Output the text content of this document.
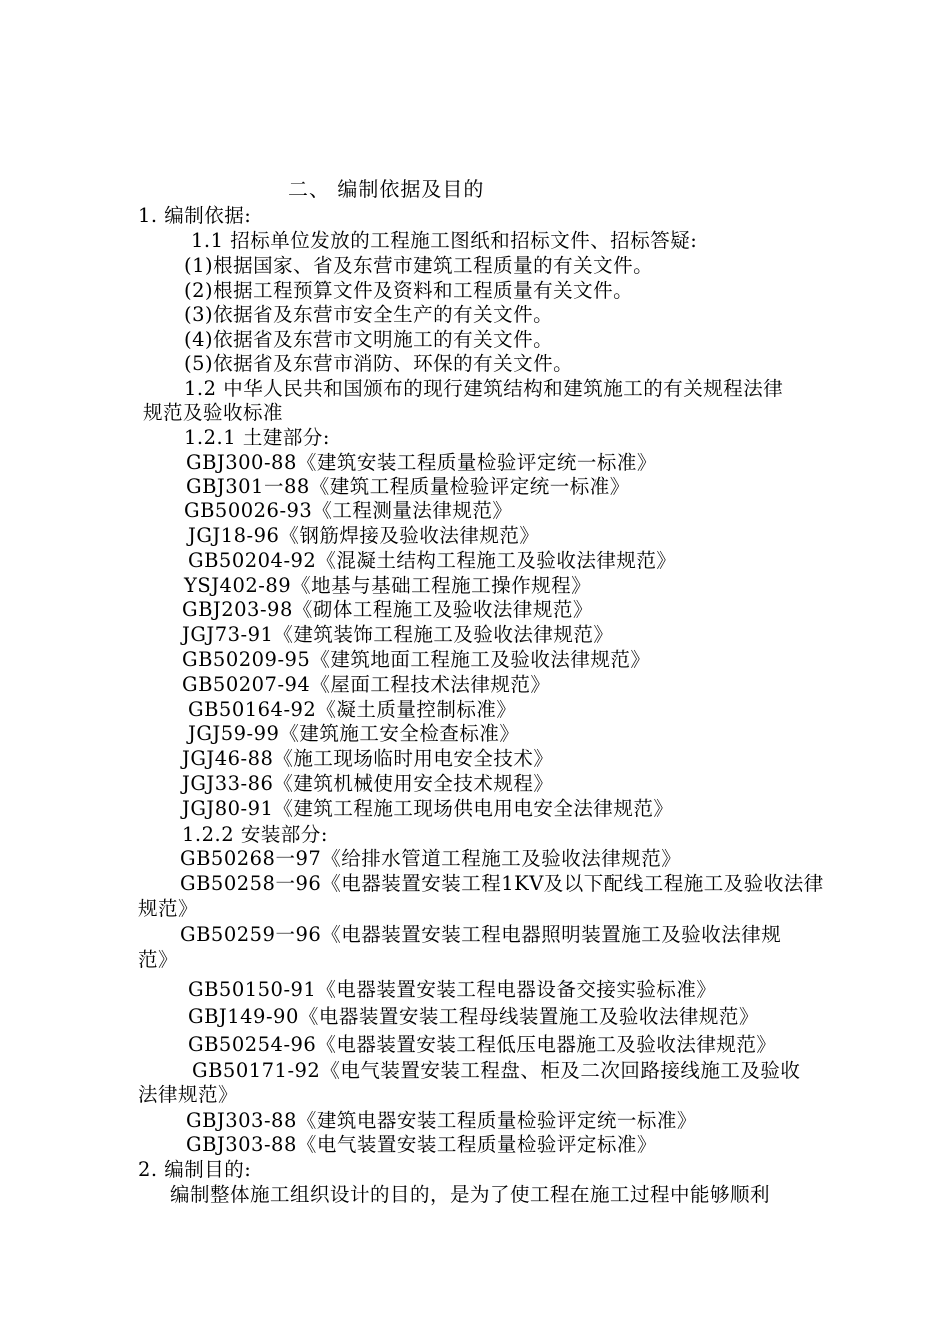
二、 编制依据及目的
1. 编制依据:
1.1 招标单位发放的工程施工图纸和招标文件、招标答疑:
(1)根据国家、省及东营市建筑工程质量的有关文件。
(2)根据工程预算文件及资料和工程质量有关文件。
(3)依据省及东营市安全生产的有关文件。
(4)依据省及东营市文明施工的有关文件。
(5)依据省及东营市消防、环保的有关文件。
1.2 中华人民共和国颁布的现行建筑结构和建筑施工的有关规程法律
规范及验收标准
1.2.1 土建部分:
GBJ300-88《建筑安装工程质量检验评定统一标准》
GBJ301一88《建筑工程质量检验评定统一标准》
GB50026-93《工程测量法律规范》
JGJ18-96《钢筋焊接及验收法律规范》
GB50204-92《混凝土结构工程施工及验收法律规范》
YSJ402-89《地基与基础工程施工操作规程》
GBJ203-98《砌体工程施工及验收法律规范》
JGJ73-91《建筑装饰工程施工及验收法律规范》
GB50209-95《建筑地面工程施工及验收法律规范》
GB50207-94《屋面工程技术法律规范》
GB50164-92《凝土质量控制标准》
JGJ59-99《建筑施工安全检查标准》
JGJ46-88《施工现场临时用电安全技术》
JGJ33-86《建筑机械使用安全技术规程》
JGJ80-91《建筑工程施工现场供电用电安全法律规范》
1.2.2 安装部分:
GB50268一97《给排水管道工程施工及验收法律规范》
GB50258一96《电器装置安装工程1KV及以下配线工程施工及验收法律
规范》
GB50259一96《电器装置安装工程电器照明装置施工及验收法律规
范》
GB50150-91《电器装置安装工程电器设备交接实验标准》
GBJ149-90《电器装置安装工程母线装置施工及验收法律规范》
GB50254-96《电器装置安装工程低压电器施工及验收法律规范》
GB50171-92《电气装置安装工程盘、柜及二次回路接线施工及验收
法律规范》
GBJ303-88《建筑电器安装工程质量检验评定统一标准》
GBJ303-88《电气装置安装工程质量检验评定标准》
2. 编制目的:
编制整体施工组织设计的目的，是为了使工程在施工过程中能够顺利
